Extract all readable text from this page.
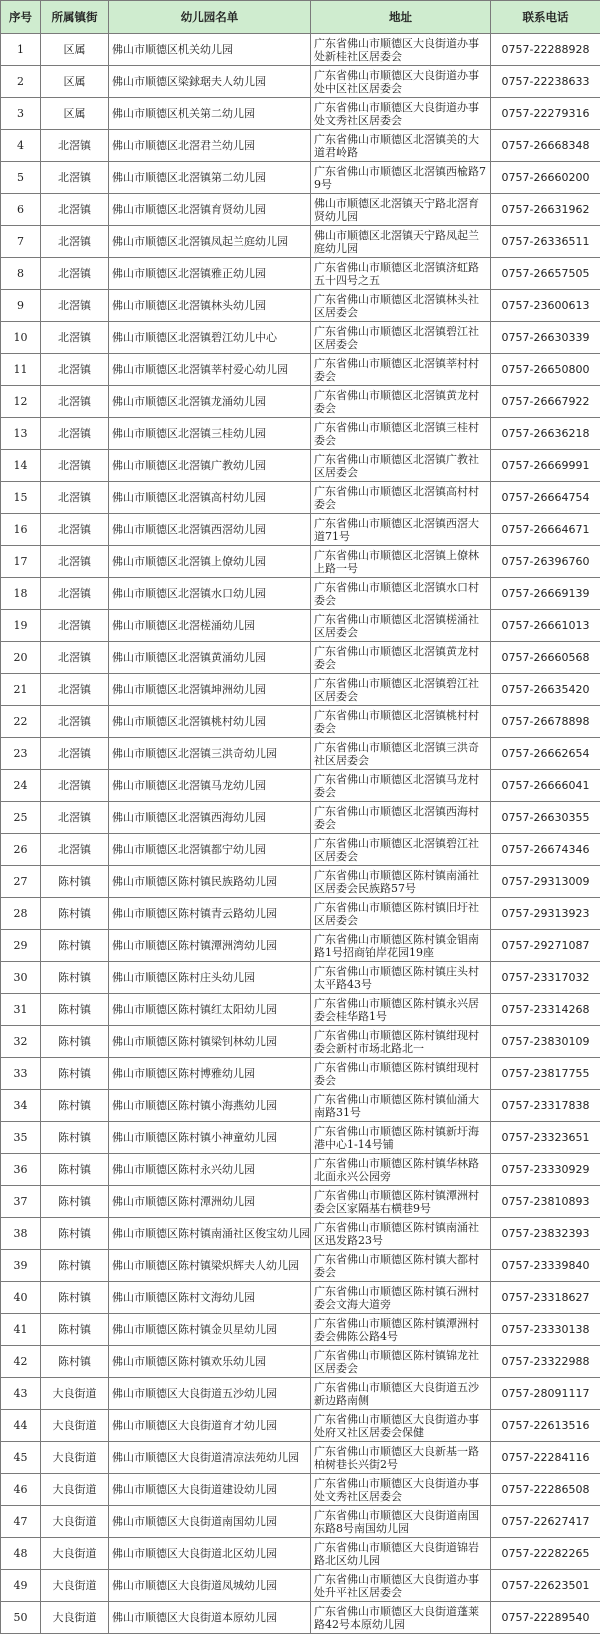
序号	所属镇街	幼儿园名单	地址	联系电话
1	区属	佛山市顺德区机关幼儿园	广东省佛山市顺德区大良街道办事处新桂社区居委会	0757-22288928
2	区属	佛山市顺德区梁銶琚夫人幼儿园	广东省佛山市顺德区大良街道办事处中区社区居委会	0757-22238633
3	区属	佛山市顺德区机关第二幼儿园	广东省佛山市顺德区大良街道办事处文秀社区居委会	0757-22279316
4	北滘镇	佛山市顺德区北滘君兰幼儿园	广东省佛山市顺德区北滘镇美的大道君岭路	0757-26668348
5	北滘镇	佛山市顺德区北滘镇第二幼儿园	广东省佛山市顺德区北滘镇西楡路79号	0757-26660200
6	北滘镇	佛山市顺德区北滘镇育贤幼儿园	佛山市顺德区北滘镇天宁路北滘育贤幼儿园	0757-26631962
7	北滘镇	佛山市顺德区北滘镇凤起兰庭幼儿园	佛山市顺德区北滘镇天宁路凤起兰庭幼儿园	0757-26336511
8	北滘镇	佛山市顺德区北滘镇雅正幼儿园	广东省佛山市顺德区北滘镇济虹路五十四号之五	0757-26657505
9	北滘镇	佛山市顺德区北滘镇林头幼儿园	广东省佛山市顺德区北滘镇林头社区居委会	0757-23600613
10	北滘镇	佛山市顺德区北滘镇碧江幼儿中心	广东省佛山市顺德区北滘镇碧江社区居委会	0757-26630339
11	北滘镇	佛山市顺德区北滘镇莘村爱心幼儿园	广东省佛山市顺德区北滘镇莘村村委会	0757-26650800
12	北滘镇	佛山市顺德区北滘镇龙涌幼儿园	广东省佛山市顺德区北滘镇黄龙村委会	0757-26667922
13	北滘镇	佛山市顺德区北滘镇三桂幼儿园	广东省佛山市顺德区北滘镇三桂村委会	0757-26636218
14	北滘镇	佛山市顺德区北滘镇广教幼儿园	广东省佛山市顺德区北滘镇广教社区居委会	0757-26669991
15	北滘镇	佛山市顺德区北滘镇高村幼儿园	广东省佛山市顺德区北滘镇高村村委会	0757-26664754
16	北滘镇	佛山市顺德区北滘镇西滘幼儿园	广东省佛山市顺德区北滘镇西滘大道71号	0757-26664671
17	北滘镇	佛山市顺德区北滘镇上僚幼儿园	广东省佛山市顺德区北滘镇上僚林上路一号	0757-26396760
18	北滘镇	佛山市顺德区北滘镇水口幼儿园	广东省佛山市顺德区北滘镇水口村委会	0757-26669139
19	北滘镇	佛山市顺德区北滘槎涌幼儿园	广东省佛山市顺德区北滘镇槎涌社区居委会	0757-26661013
20	北滘镇	佛山市顺德区北滘镇黄涌幼儿园	广东省佛山市顺德区北滘镇黄龙村委会	0757-26660568
21	北滘镇	佛山市顺德区北滘镇坤洲幼儿园	广东省佛山市顺德区北滘镇碧江社区居委会	0757-26635420
22	北滘镇	佛山市顺德区北滘镇桃村幼儿园	广东省佛山市顺德区北滘镇桃村村委会	0757-26678898
23	北滘镇	佛山市顺德区北滘镇三洪奇幼儿园	广东省佛山市顺德区北滘镇三洪奇社区居委会	0757-26662654
24	北滘镇	佛山市顺德区北滘镇马龙幼儿园	广东省佛山市顺德区北滘镇马龙村委会	0757-26666041
25	北滘镇	佛山市顺德区北滘镇西海幼儿园	广东省佛山市顺德区北滘镇西海村委会	0757-26630355
26	北滘镇	佛山市顺德区北滘镇都宁幼儿园	广东省佛山市顺德区北滘镇碧江社区居委会	0757-26674346
27	陈村镇	佛山市顺德区陈村镇民族路幼儿园	广东省佛山市顺德区陈村镇南涌社区居委会民族路57号	0757-29313009
28	陈村镇	佛山市顺德区陈村镇青云路幼儿园	广东省佛山市顺德区陈村镇旧圩社区居委会	0757-29313923
29	陈村镇	佛山市顺德区陈村镇潭洲湾幼儿园	广东省佛山市顺德区陈村镇金锠南路1号招商铂岸花园19座	0757-29271087
30	陈村镇	佛山市顺德区陈村庄头幼儿园	广东省佛山市顺德区陈村镇庄头村太平路43号	0757-23317032
31	陈村镇	佛山市顺德区陈村镇红太阳幼儿园	广东省佛山市顺德区陈村镇永兴居委会桂华路1号	0757-23314268
32	陈村镇	佛山市顺德区陈村镇梁钊林幼儿园	广东省佛山市顺德区陈村镇绀现村委会新村市场北路北一	0757-23830109
33	陈村镇	佛山市顺德区陈村博雅幼儿园	广东省佛山市顺德区陈村镇绀现村委会	0757-23817755
34	陈村镇	佛山市顺德区陈村镇小海燕幼儿园	广东省佛山市顺德区陈村镇仙涌大南路31号	0757-23317838
35	陈村镇	佛山市顺德区陈村镇小神童幼儿园	广东省佛山市顺德区陈村镇新圩海港中心1-14号铺	0757-23323651
36	陈村镇	佛山市顺德区陈村永兴幼儿园	广东省佛山市顺德区陈村镇华林路北面永兴公园旁	0757-23330929
37	陈村镇	佛山市顺德区陈村潭洲幼儿园	广东省佛山市顺德区陈村镇潭洲村委会区家隔基右横巷9号	0757-23810893
38	陈村镇	佛山市顺德区陈村镇南涌社区俊宝幼儿园	广东省佛山市顺德区陈村镇南涌社区迅发路23号	0757-23832393
39	陈村镇	佛山市顺德区陈村镇梁炽辉夫人幼儿园	广东省佛山市顺德区陈村镇大都村委会	0757-23339840
40	陈村镇	佛山市顺德区陈村文海幼儿园	广东省佛山市顺德区陈村镇石洲村委会文海大道旁	0757-23318627
41	陈村镇	佛山市顺德区陈村镇金贝星幼儿园	广东省佛山市顺德区陈村镇潭洲村委会佛陈公路4号	0757-23330138
42	陈村镇	佛山市顺德区陈村镇欢乐幼儿园	广东省佛山市顺德区陈村镇锦龙社区居委会	0757-23322988
43	大良街道	佛山市顺德区大良街道五沙幼儿园	广东省佛山市顺德区大良街道五沙新边路南侧	0757-28091117
44	大良街道	佛山市顺德区大良街道育才幼儿园	广东省佛山市顺德区大良街道办事处府又社区居委会保健	0757-22613516
45	大良街道	佛山市顺德区大良街道清凉法苑幼儿园	广东省佛山市顺德区大良新基一路柏树巷长兴街2号	0757-22284116
46	大良街道	佛山市顺德区大良街道建设幼儿园	广东省佛山市顺德区大良街道办事处文秀社区居委会	0757-22286508
47	大良街道	佛山市顺德区大良街道南国幼儿园	广东省佛山市顺德区大良街道南国东路8号南国幼儿园	0757-22627417
48	大良街道	佛山市顺德区大良街道北区幼儿园	广东省佛山市顺德区大良街道锦岩路北区幼儿园	0757-22282265
49	大良街道	佛山市顺德区大良街道凤城幼儿园	广东省佛山市顺德区大良街道办事处升平社区居委会	0757-22623501
50	大良街道	佛山市顺德区大良街道本原幼儿园	广东省佛山市顺德区大良街道蓬莱路42号本原幼儿园	0757-22289540
